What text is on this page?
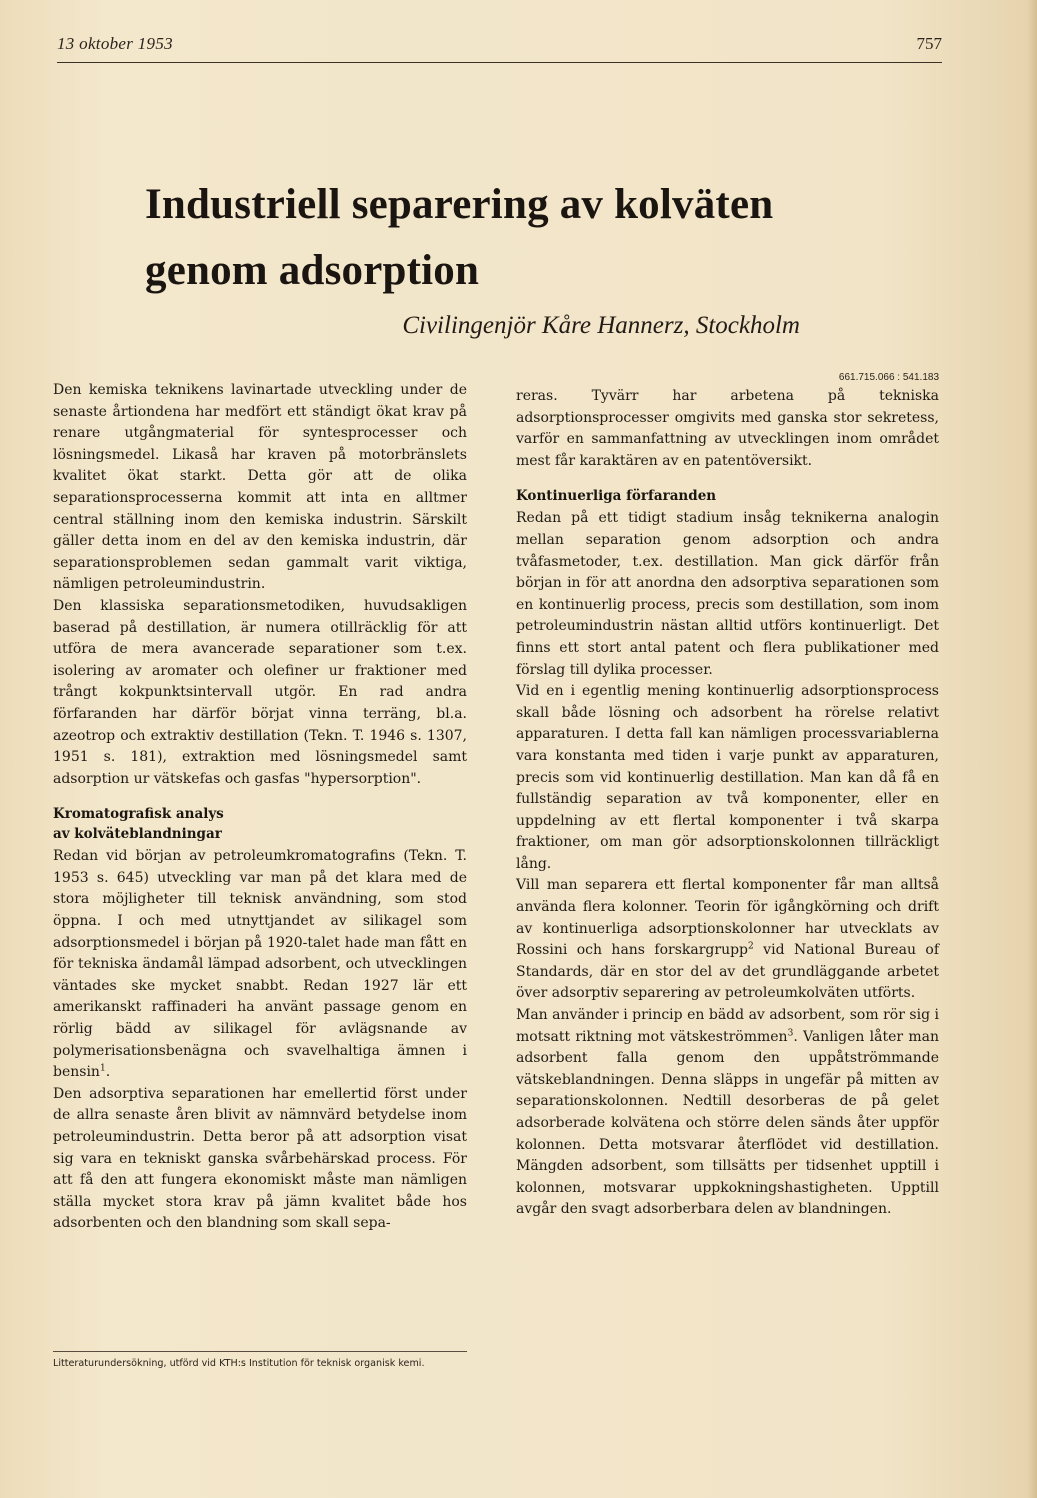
13 oktober 1953	757
Industriell separering av kolväten genom adsorption
Civilingenjör Kåre Hannerz, Stockholm

Den kemiska teknikens lavinartade utveckling under de senaste årtiondena har medfört ett ständigt ökat krav på renare utgångmaterial för syntesprocesser och lösningsmedel. Likaså har kraven på motorbränslets kvalitet ökat starkt. Detta gör att de olika separationsprocesserna kommit att inta en alltmer central ställning inom den kemiska industrin. Särskilt gäller detta inom en del av den kemiska industrin, där separationsproblemen sedan gammalt varit viktiga, nämligen petroleumindustrin.

Den klassiska separationsmetodiken, huvudsakligen baserad på destillation, är numera otillräcklig för att utföra de mera avancerade separationer som t.ex. isolering av aromater och olefiner ur fraktioner med trångt kokpunktsintervall utgör. En rad andra förfaranden har därför börjat vinna terräng, bl.a. azeotrop och extraktiv destillation (Tekn. T. 1946 s. 1307, 1951 s. 181), extraktion med lösningsmedel samt adsorption ur vätskefas och gasfas "hypersorption".

Kromatografisk analys
av kolväteblandningar

Redan vid början av petroleumkromatografins (Tekn. T. 1953 s. 645) utveckling var man på det klara med de stora möjligheter till teknisk användning, som stod öppna. I och med utnyttjandet av silikagel som adsorptionsmedel i början på 1920-talet hade man fått en för tekniska ändamål lämpad adsorbent, och utvecklingen väntades ske mycket snabbt. Redan 1927 lär ett amerikanskt raffinaderi ha använt passage genom en rörlig bädd av silikagel för avlägsnande av polymerisationsbenägna och svavelhaltiga ämnen i bensin$^1$.

Den adsorptiva separationen har emellertid först under de allra senaste åren blivit av nämnvärd betydelse inom petroleumindustrin. Detta beror på att adsorption visat sig vara en tekniskt ganska svårbehärskad process. För att få den att fungera ekonomiskt måste man nämligen ställa mycket stora krav på jämn kvalitet både hos adsorbenten och den blandning som skall sepa-

Litteraturundersökning, utförd vid KTH:s Institution för teknisk organisk kemi.

661.715.066 : 541.183

reras. Tyvärr har arbetena på tekniska adsorptionsprocesser omgivits med ganska stor sekretess, varför en sammanfattning av utvecklingen inom området mest får karaktären av en patentöversikt.

Kontinuerliga förfaranden

Redan på ett tidigt stadium insåg teknikerna analogin mellan separation genom adsorption och andra tvåfasmetoder, t.ex. destillation. Man gick därför från början in för att anordna den adsorptiva separationen som en kontinuerlig process, precis som destillation, som inom petroleumindustrin nästan alltid utförs kontinuerligt. Det finns ett stort antal patent och flera publikationer med förslag till dylika processer.

Vid en i egentlig mening kontinuerlig adsorptionsprocess skall både lösning och adsorbent ha rörelse relativt apparaturen. I detta fall kan nämligen processvariablerna vara konstanta med tiden i varje punkt av apparaturen, precis som vid kontinuerlig destillation. Man kan då få en fullständig separation av två komponenter, eller en uppdelning av ett flertal komponenter i två skarpa fraktioner, om man gör adsorptionskolonnen tillräckligt lång.

Vill man separera ett flertal komponenter får man alltså använda flera kolonner. Teorin för igångkörning och drift av kontinuerliga adsorptionskolonner har utvecklats av Rossini och hans forskargrupp$^2$ vid National Bureau of Standards, där en stor del av det grundläggande arbetet över adsorptiv separering av petroleumkolväten utförts.

Man använder i princip en bädd av adsorbent, som rör sig i motsatt riktning mot vätskeströmmen$^3$. Vanligen låter man adsorbent falla genom den uppåtströmmande vätskeblandningen. Denna släpps in ungefär på mitten av separationskolonnen. Nedtill desorberas de på gelet adsorberade kolvätena och större delen sänds åter uppför kolonnen. Detta motsvarar återflödet vid destillation. Mängden adsorbent, som tillsätts per tidsenhet upptill i kolonnen, motsvarar uppkokningshastigheten. Upptill avgår den svagt adsorberbara delen av blandningen.
